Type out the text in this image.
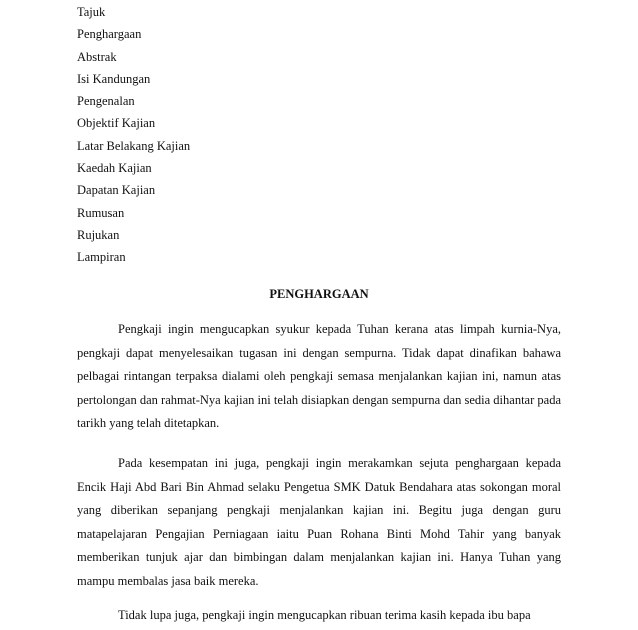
Tajuk
Penghargaan
Abstrak
Isi Kandungan
Pengenalan
Objektif Kajian
Latar Belakang Kajian
Kaedah Kajian
Dapatan Kajian
Rumusan
Rujukan
Lampiran
PENGHARGAAN

Pengkaji ingin mengucapkan syukur kepada Tuhan kerana atas limpah kurnia-Nya, pengkaji dapat menyelesaikan tugasan ini dengan sempurna. Tidak dapat dinafikan bahawa pelbagai rintangan terpaksa dialami oleh pengkaji semasa menjalankan kajian ini, namun atas pertolongan dan rahmat-Nya kajian ini telah disiapkan dengan sempurna dan sedia dihantar pada tarikh yang telah ditetapkan.

Pada kesempatan ini juga, pengkaji ingin merakamkan sejuta penghargaan kepada Encik Haji Abd Bari Bin Ahmad selaku Pengetua SMK Datuk Bendahara atas sokongan moral yang diberikan sepanjang pengkaji menjalankan kajian ini. Begitu juga dengan guru matapelajaran Pengajian Perniagaan iaitu Puan Rohana Binti Mohd Tahir yang banyak memberikan tunjuk ajar dan bimbingan dalam menjalankan kajian ini. Hanya Tuhan yang mampu membalas jasa baik mereka.

Tidak lupa juga, pengkaji ingin mengucapkan ribuan terima kasih kepada ibu bapa
